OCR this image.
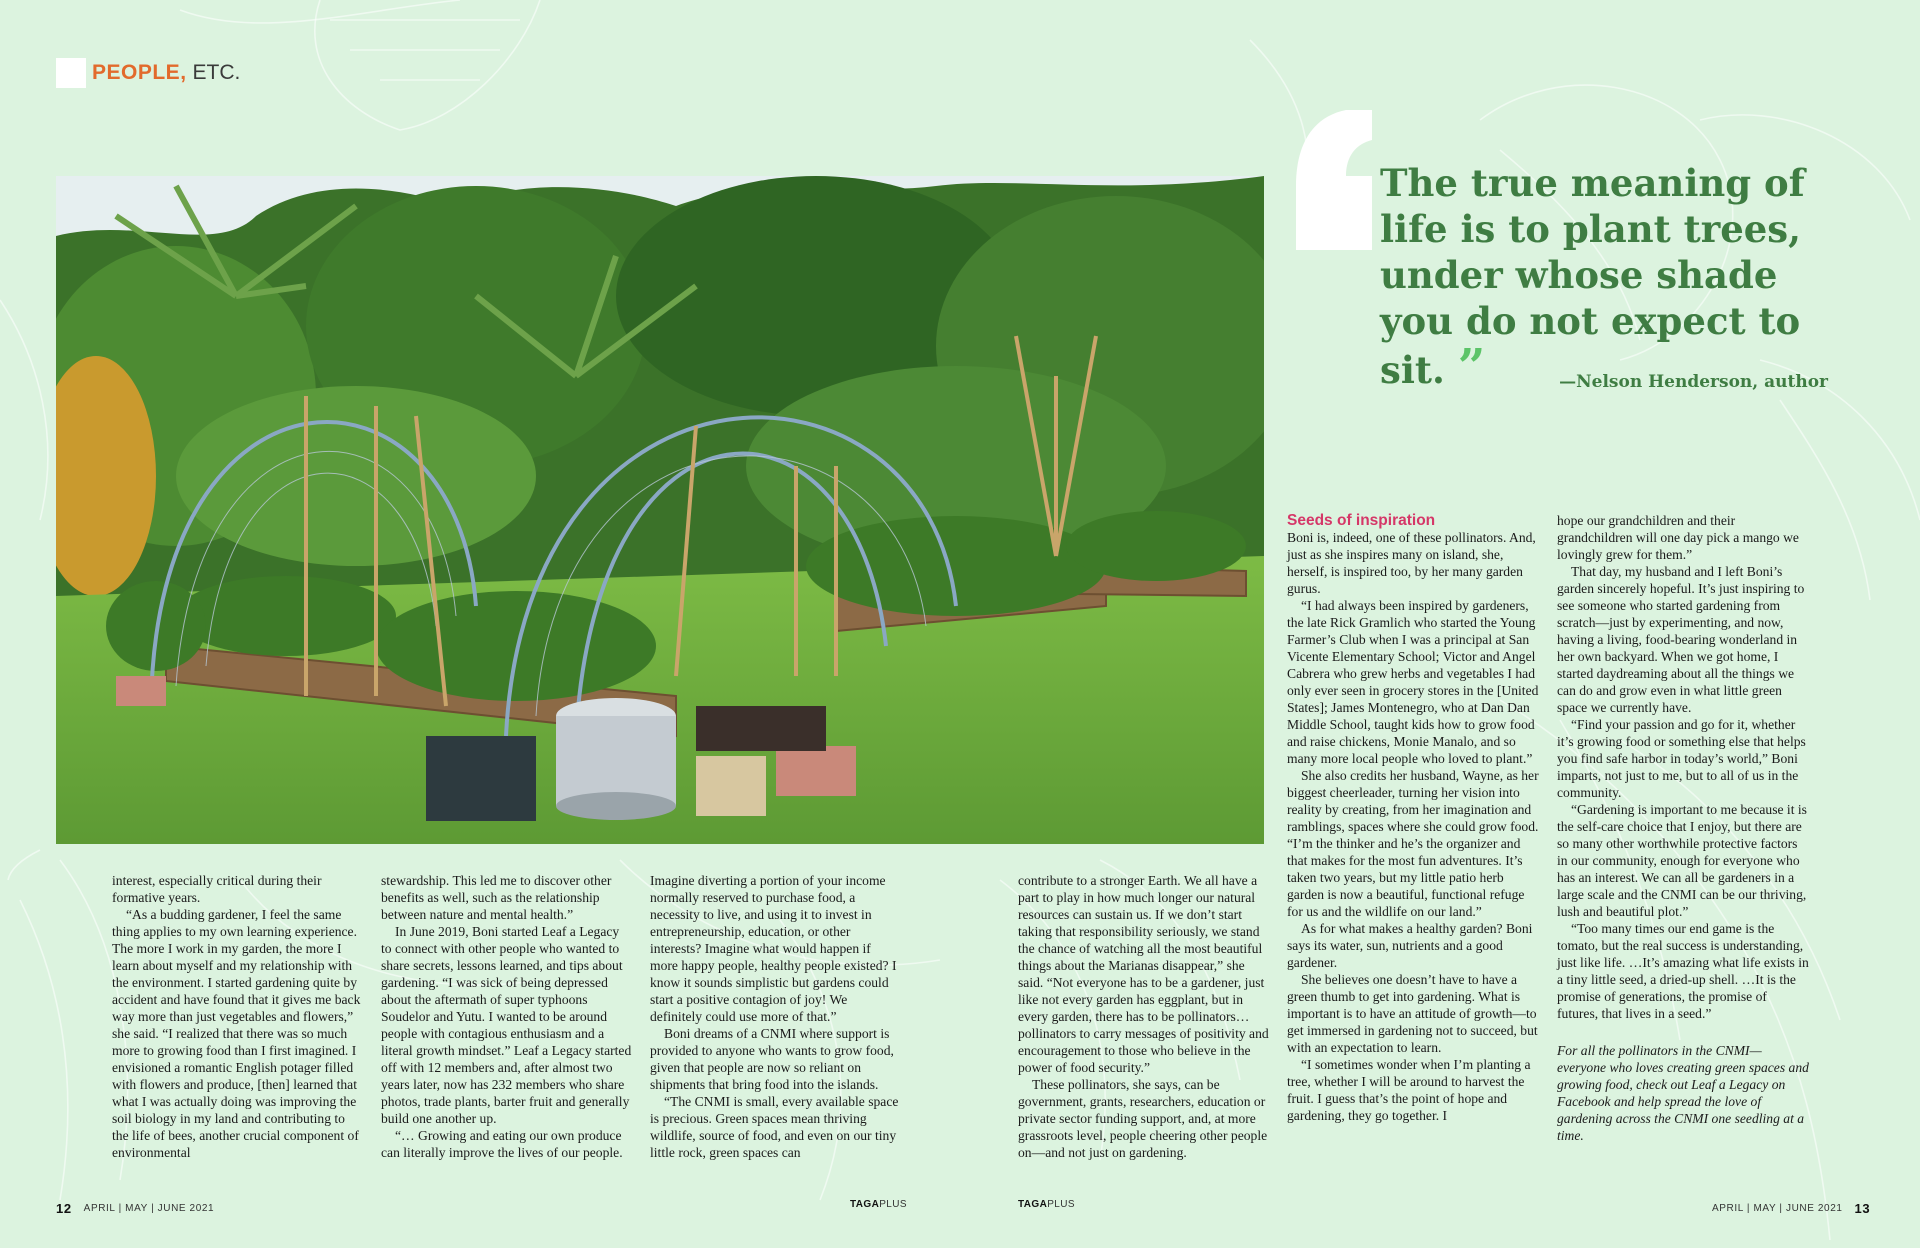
PEOPLE, ETC.

The true meaning of life is to plant trees, under whose shade you do not expect to sit. ”	—Nelson Henderson, author

interest, especially critical during their formative years.

“As a budding gardener, I feel the same thing applies to my own learning experience. The more I work in my garden, the more I learn about myself and my relationship with the environment. I started gardening quite by accident and have found that it gives me back way more than just vegetables and flowers,” she said. “I realized that there was so much more to growing food than I first imagined. I envisioned a romantic English potager filled with flowers and produce, [then] learned that what I was actually doing was improving the soil biology in my land and contributing to the life of bees, another crucial component of environmental

stewardship. This led me to discover other benefits as well, such as the relationship between nature and mental health.”

In June 2019, Boni started Leaf a Legacy to connect with other people who wanted to share secrets, lessons learned, and tips about gardening. “I was sick of being depressed about the aftermath of super typhoons Soudelor and Yutu. I wanted to be around people with contagious enthusiasm and a literal growth mindset.” Leaf a Legacy started off with 12 members and, after almost two years later, now has 232 members who share photos, trade plants, barter fruit and generally build one another up.

“… Growing and eating our own produce can literally improve the lives of our people.

Imagine diverting a portion of your income normally reserved to purchase food, a necessity to live, and using it to invest in entrepreneurship, education, or other interests? Imagine what would happen if more happy people, healthy people existed? I know it sounds simplistic but gardens could start a positive contagion of joy! We definitely could use more of that.”

Boni dreams of a CNMI where support is provided to anyone who wants to grow food, given that people are now so reliant on shipments that bring food into the islands.

“The CNMI is small, every available space is precious. Green spaces mean thriving wildlife, source of food, and even on our tiny little rock, green spaces can

contribute to a stronger Earth. We all have a part to play in how much longer our natural resources can sustain us. If we don’t start taking that responsibility seriously, we stand the chance of watching all the most beautiful things about the Marianas disappear,” she said. “Not everyone has to be a gardener, just like not every garden has eggplant, but in every garden, there has to be pollinators…pollinators to carry messages of positivity and encouragement to those who believe in the power of food security.”

These pollinators, she says, can be government, grants, researchers, education or private sector funding support, and, at more grassroots level, people cheering other people on—and not just on gardening.

Seeds of inspiration

Boni is, indeed, one of these pollinators. And, just as she inspires many on island, she, herself, is inspired too, by her many garden gurus.

“I had always been inspired by gardeners, the late Rick Gramlich who started the Young Farmer’s Club when I was a principal at San Vicente Elementary School; Victor and Angel Cabrera who grew herbs and vegetables I had only ever seen in grocery stores in the [United States]; James Montenegro, who at Dan Dan Middle School, taught kids how to grow food and raise chickens, Monie Manalo, and so many more local people who loved to plant.”

She also credits her husband, Wayne, as her biggest cheerleader, turning her vision into reality by creating, from her imagination and ramblings, spaces where she could grow food. “I’m the thinker and he’s the organizer and that makes for the most fun adventures. It’s taken two years, but my little patio herb garden is now a beautiful, functional refuge for us and the wildlife on our land.”

As for what makes a healthy garden? Boni says its water, sun, nutrients and a good gardener.

She believes one doesn’t have to have a green thumb to get into gardening. What is important is to have an attitude of growth—to get immersed in gardening not to succeed, but with an expectation to learn.

“I sometimes wonder when I’m planting a tree, whether I will be around to harvest the fruit. I guess that’s the point of hope and gardening, they go together. I

hope our grandchildren and their grandchildren will one day pick a mango we lovingly grew for them.”

That day, my husband and I left Boni’s garden sincerely hopeful. It’s just inspiring to see someone who started gardening from scratch—just by experimenting, and now, having a living, food-bearing wonderland in her own backyard. When we got home, I started daydreaming about all the things we can do and grow even in what little green space we currently have.

“Find your passion and go for it, whether it’s growing food or something else that helps you find safe harbor in today’s world,” Boni imparts, not just to me, but to all of us in the community.

“Gardening is important to me because it is the self-care choice that I enjoy, but there are so many other worthwhile protective factors in our community, enough for everyone who has an interest. We can all be gardeners in a large scale and the CNMI can be our thriving, lush and beautiful plot.”

“Too many times our end game is the tomato, but the real success is understanding, just like life. …It’s amazing what life exists in a tiny little seed, a dried-up shell. …It is the promise of generations, the promise of futures, that lives in a seed.”

For all the pollinators in the CNMI—everyone who loves creating green spaces and growing food, check out Leaf a Legacy on Facebook and help spread the love of gardening across the CNMI one seedling at a time.

12 APRIL | MAY | JUNE 2021	TAGAPLUS	TAGAPLUS	APRIL | MAY | JUNE 2021 13
